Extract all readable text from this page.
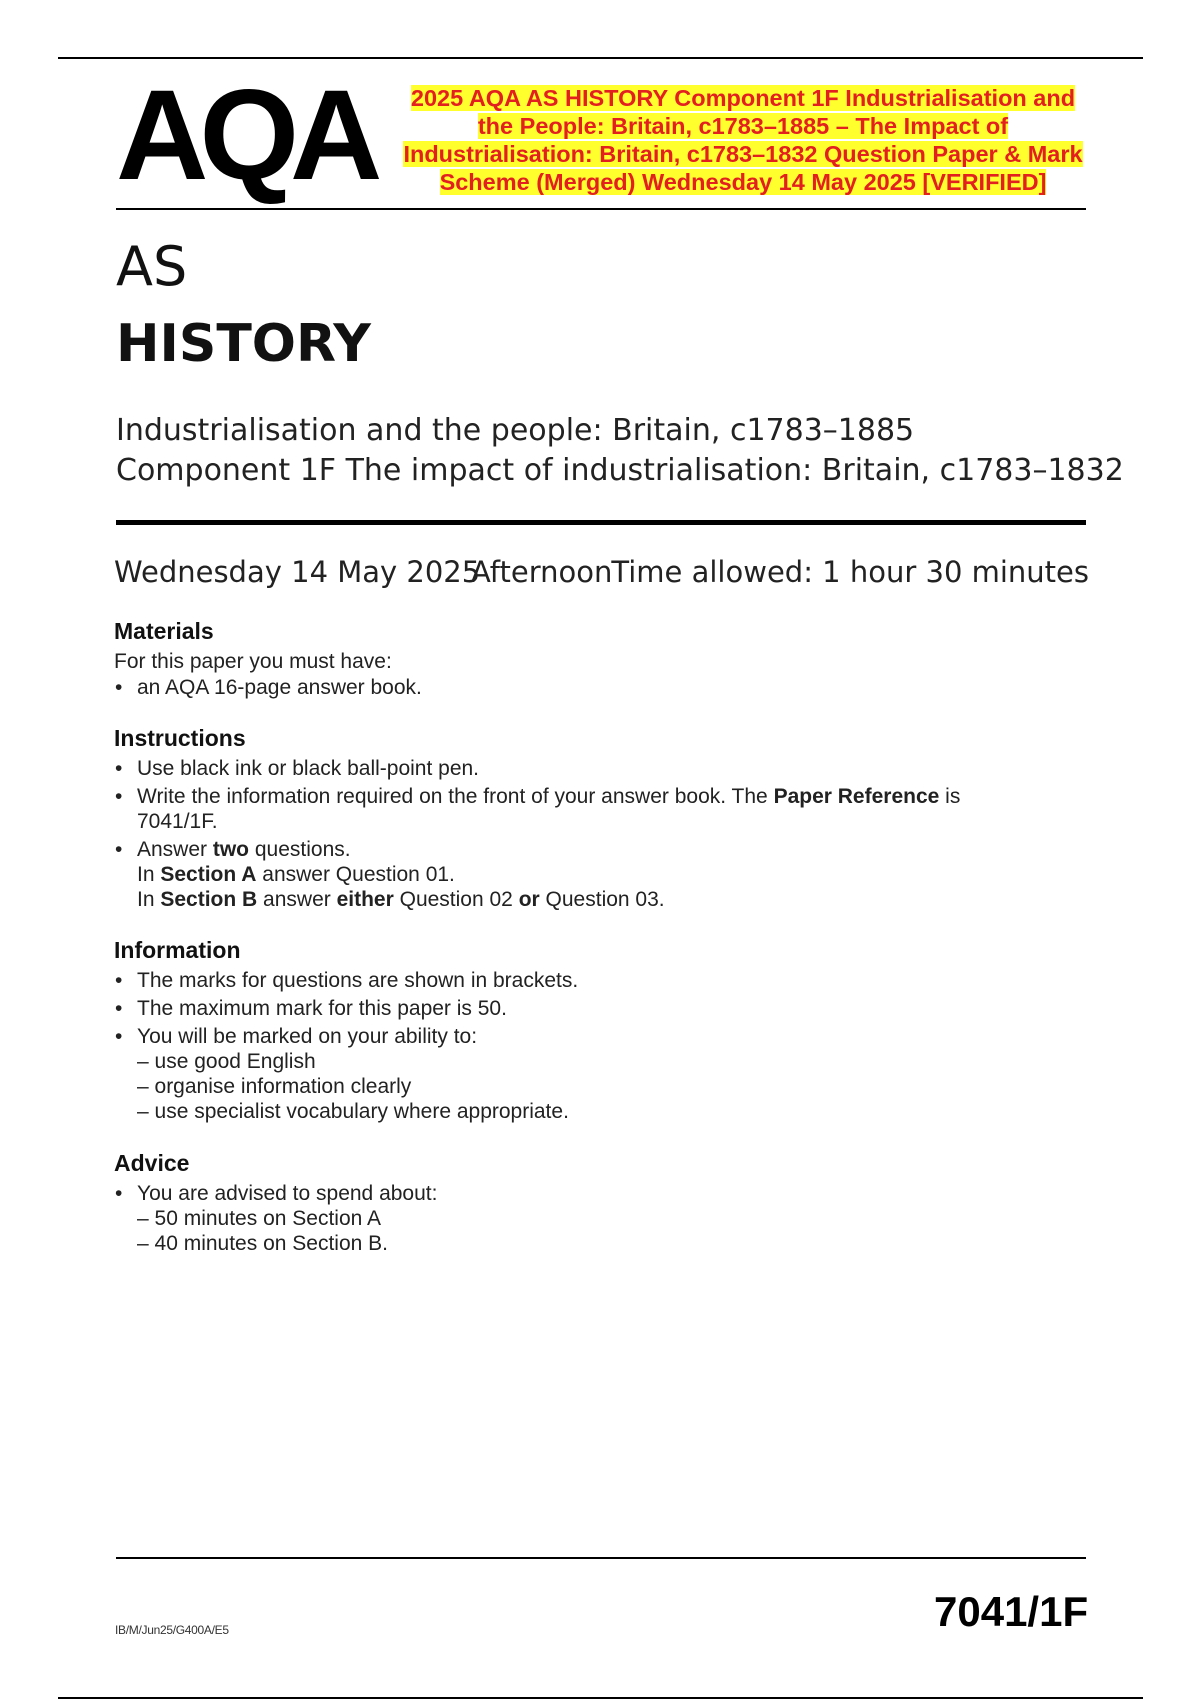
AQA	2025 AQA AS HISTORY Component 1F Industrialisation and
the People: Britain, c1783–1885 – The Impact of
Industrialisation: Britain, c1783–1832 Question Paper & Mark
Scheme (Merged) Wednesday 14 May 2025 [VERIFIED]
AS
HISTORY
Industrialisation and the people: Britain, c1783–1885
Component 1F The impact of industrialisation: Britain, c1783–1832
Wednesday 14 May 2025
Afternoon Time allowed: 1 hour 30 minutes
Materials

For this paper you must have:

• an AQA 16-page answer book.
Instructions
• Use black ink or black ball-point pen.
• Write the information required on the front of your answer book. The Paper Reference is
7041/1F.
• Answer two questions.
In Section A answer Question 01.
In Section B answer either Question 02 or Question 03.
Information
• The marks for questions are shown in brackets.
• The maximum mark for this paper is 50.
• You will be marked on your ability to:
– use good English
– organise information clearly
– use specialist vocabulary where appropriate.
Advice
• You are advised to spend about:
– 50 minutes on Section A
– 40 minutes on Section B.
IB/M/Jun25/G400A/E5	7041/1F
